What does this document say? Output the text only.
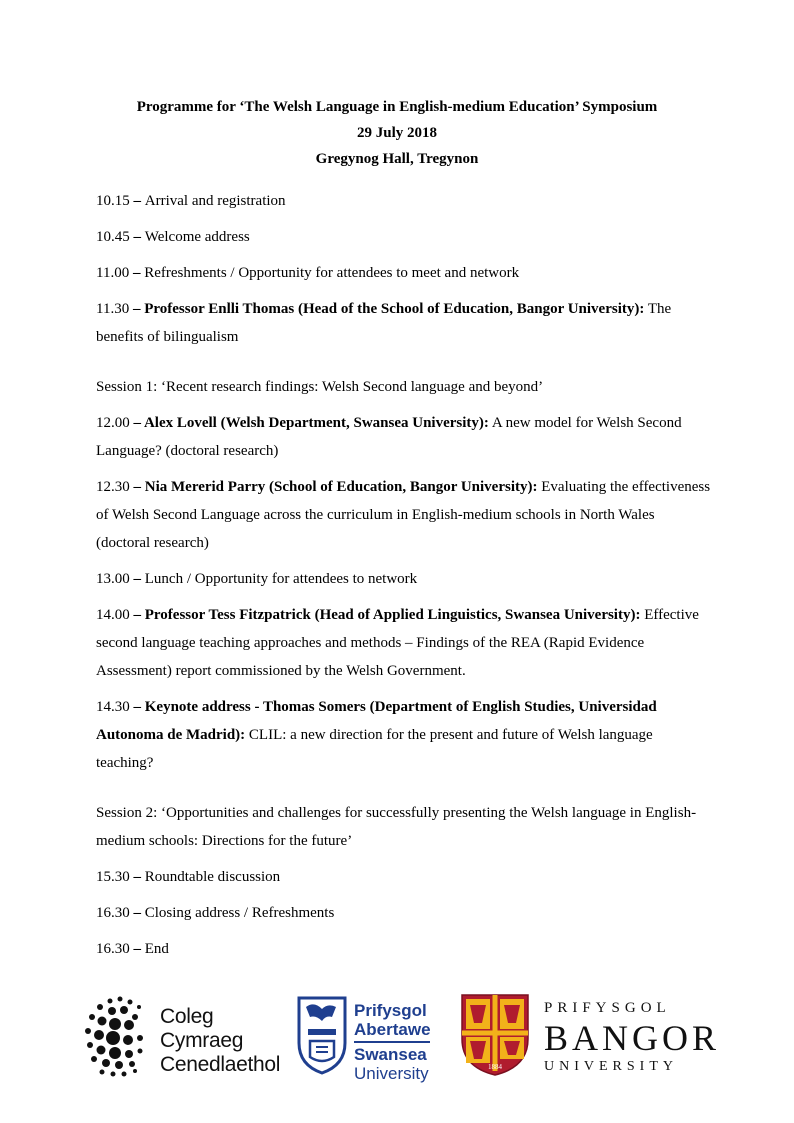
Programme for ‘The Welsh Language in English-medium Education’ Symposium
29 July 2018
Gregynog Hall, Tregynon

10.15 – Arrival and registration

10.45 – Welcome address

11.00 – Refreshments / Opportunity for attendees to meet and network

11.30 – Professor Enlli Thomas (Head of the School of Education, Bangor University): The benefits of bilingualism

Session 1: ‘Recent research findings: Welsh Second language and beyond’

12.00 – Alex Lovell (Welsh Department, Swansea University): A new model for Welsh Second Language? (doctoral research)

12.30 – Nia Mererid Parry (School of Education, Bangor University): Evaluating the effectiveness of Welsh Second Language across the curriculum in English-medium schools in North Wales (doctoral research)

13.00 – Lunch / Opportunity for attendees to network

14.00 – Professor Tess Fitzpatrick (Head of Applied Linguistics, Swansea University): Effective second language teaching approaches and methods – Findings of the REA (Rapid Evidence Assessment) report commissioned by the Welsh Government.

14.30 – Keynote address - Thomas Somers (Department of English Studies, Universidad Autonoma de Madrid): CLIL: a new direction for the present and future of Welsh language teaching?

Session 2: ‘Opportunities and challenges for successfully presenting the Welsh language in English-medium schools: Directions for the future’

15.30 – Roundtable discussion

16.30 – Closing address / Refreshments

16.30 – End

Coleg
Cymraeg
Cenedlaethol
Prifysgol
Abertawe
Swansea
University	1884
PRIFYSGOL
BANGOR
UNIVERSITY
